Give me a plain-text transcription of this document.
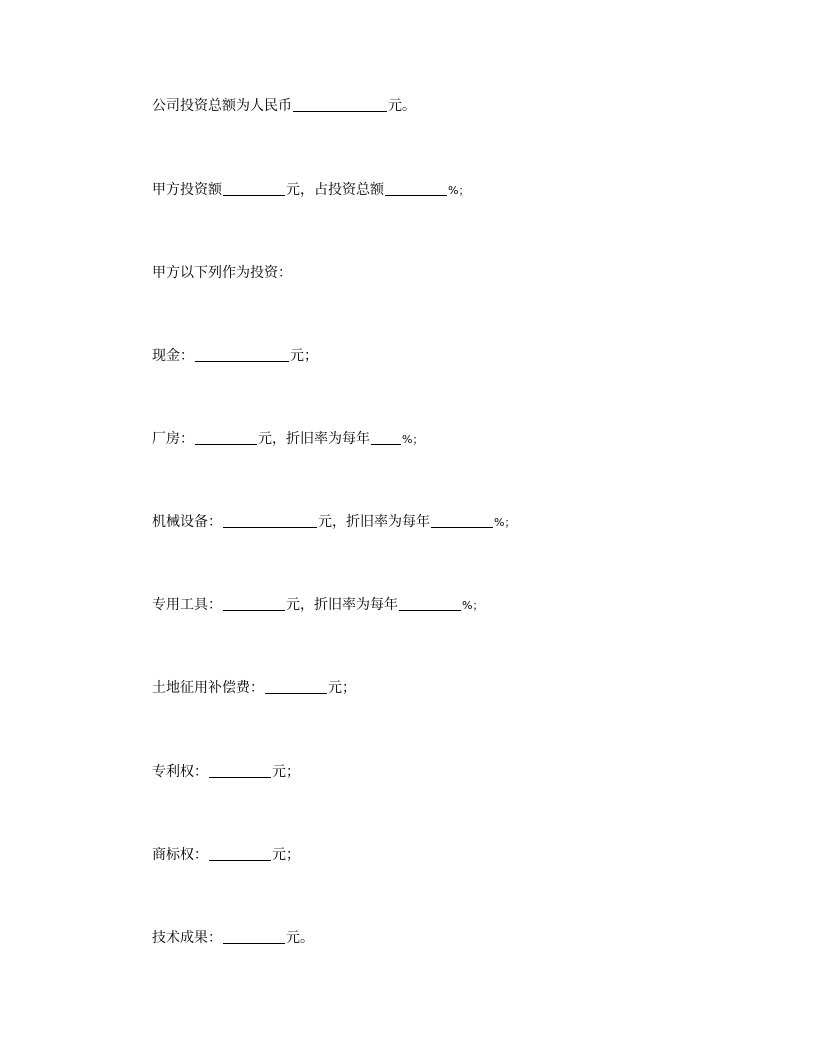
公司投资总额为人民币	元。
甲方投资额	元，占投资总额	%；
甲方以下列作为投资：
现金：	元；
厂房：	元，折旧率为每年	%；
机械设备：	元，折旧率为每年	%；
专用工具：	元，折旧率为每年	%；
土地征用补偿费：	元；
专利权：	元；
商标权：	元；
技术成果：	元。
